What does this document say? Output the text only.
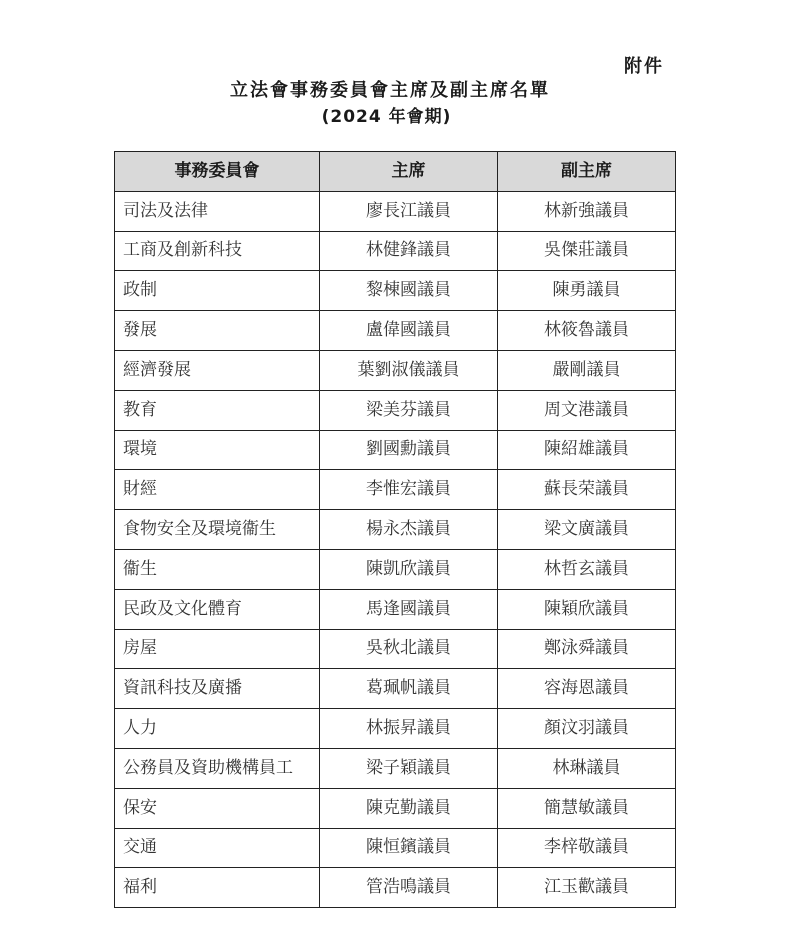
附件
立法會事務委員會主席及副主席名單
(2024 年會期)
事務委員會	主席	副主席
司法及法律	廖長江議員	林新強議員
工商及創新科技	林健鋒議員	吳傑莊議員
政制	黎棟國議員	陳勇議員
發展	盧偉國議員	林筱魯議員
經濟發展	葉劉淑儀議員	嚴剛議員
教育	梁美芬議員	周文港議員
環境	劉國勳議員	陳紹雄議員
財經	李惟宏議員	蘇長荣議員
食物安全及環境衞生	楊永杰議員	梁文廣議員
衞生	陳凱欣議員	林哲玄議員
民政及文化體育	馬逢國議員	陳穎欣議員
房屋	吳秋北議員	鄭泳舜議員
資訊科技及廣播	葛珮帆議員	容海恩議員
人力	林振昇議員	顏汶羽議員
公務員及資助機構員工	梁子穎議員	林琳議員
保安	陳克勤議員	簡慧敏議員
交通	陳恒鑌議員	李梓敬議員
福利	管浩鳴議員	江玉歡議員
